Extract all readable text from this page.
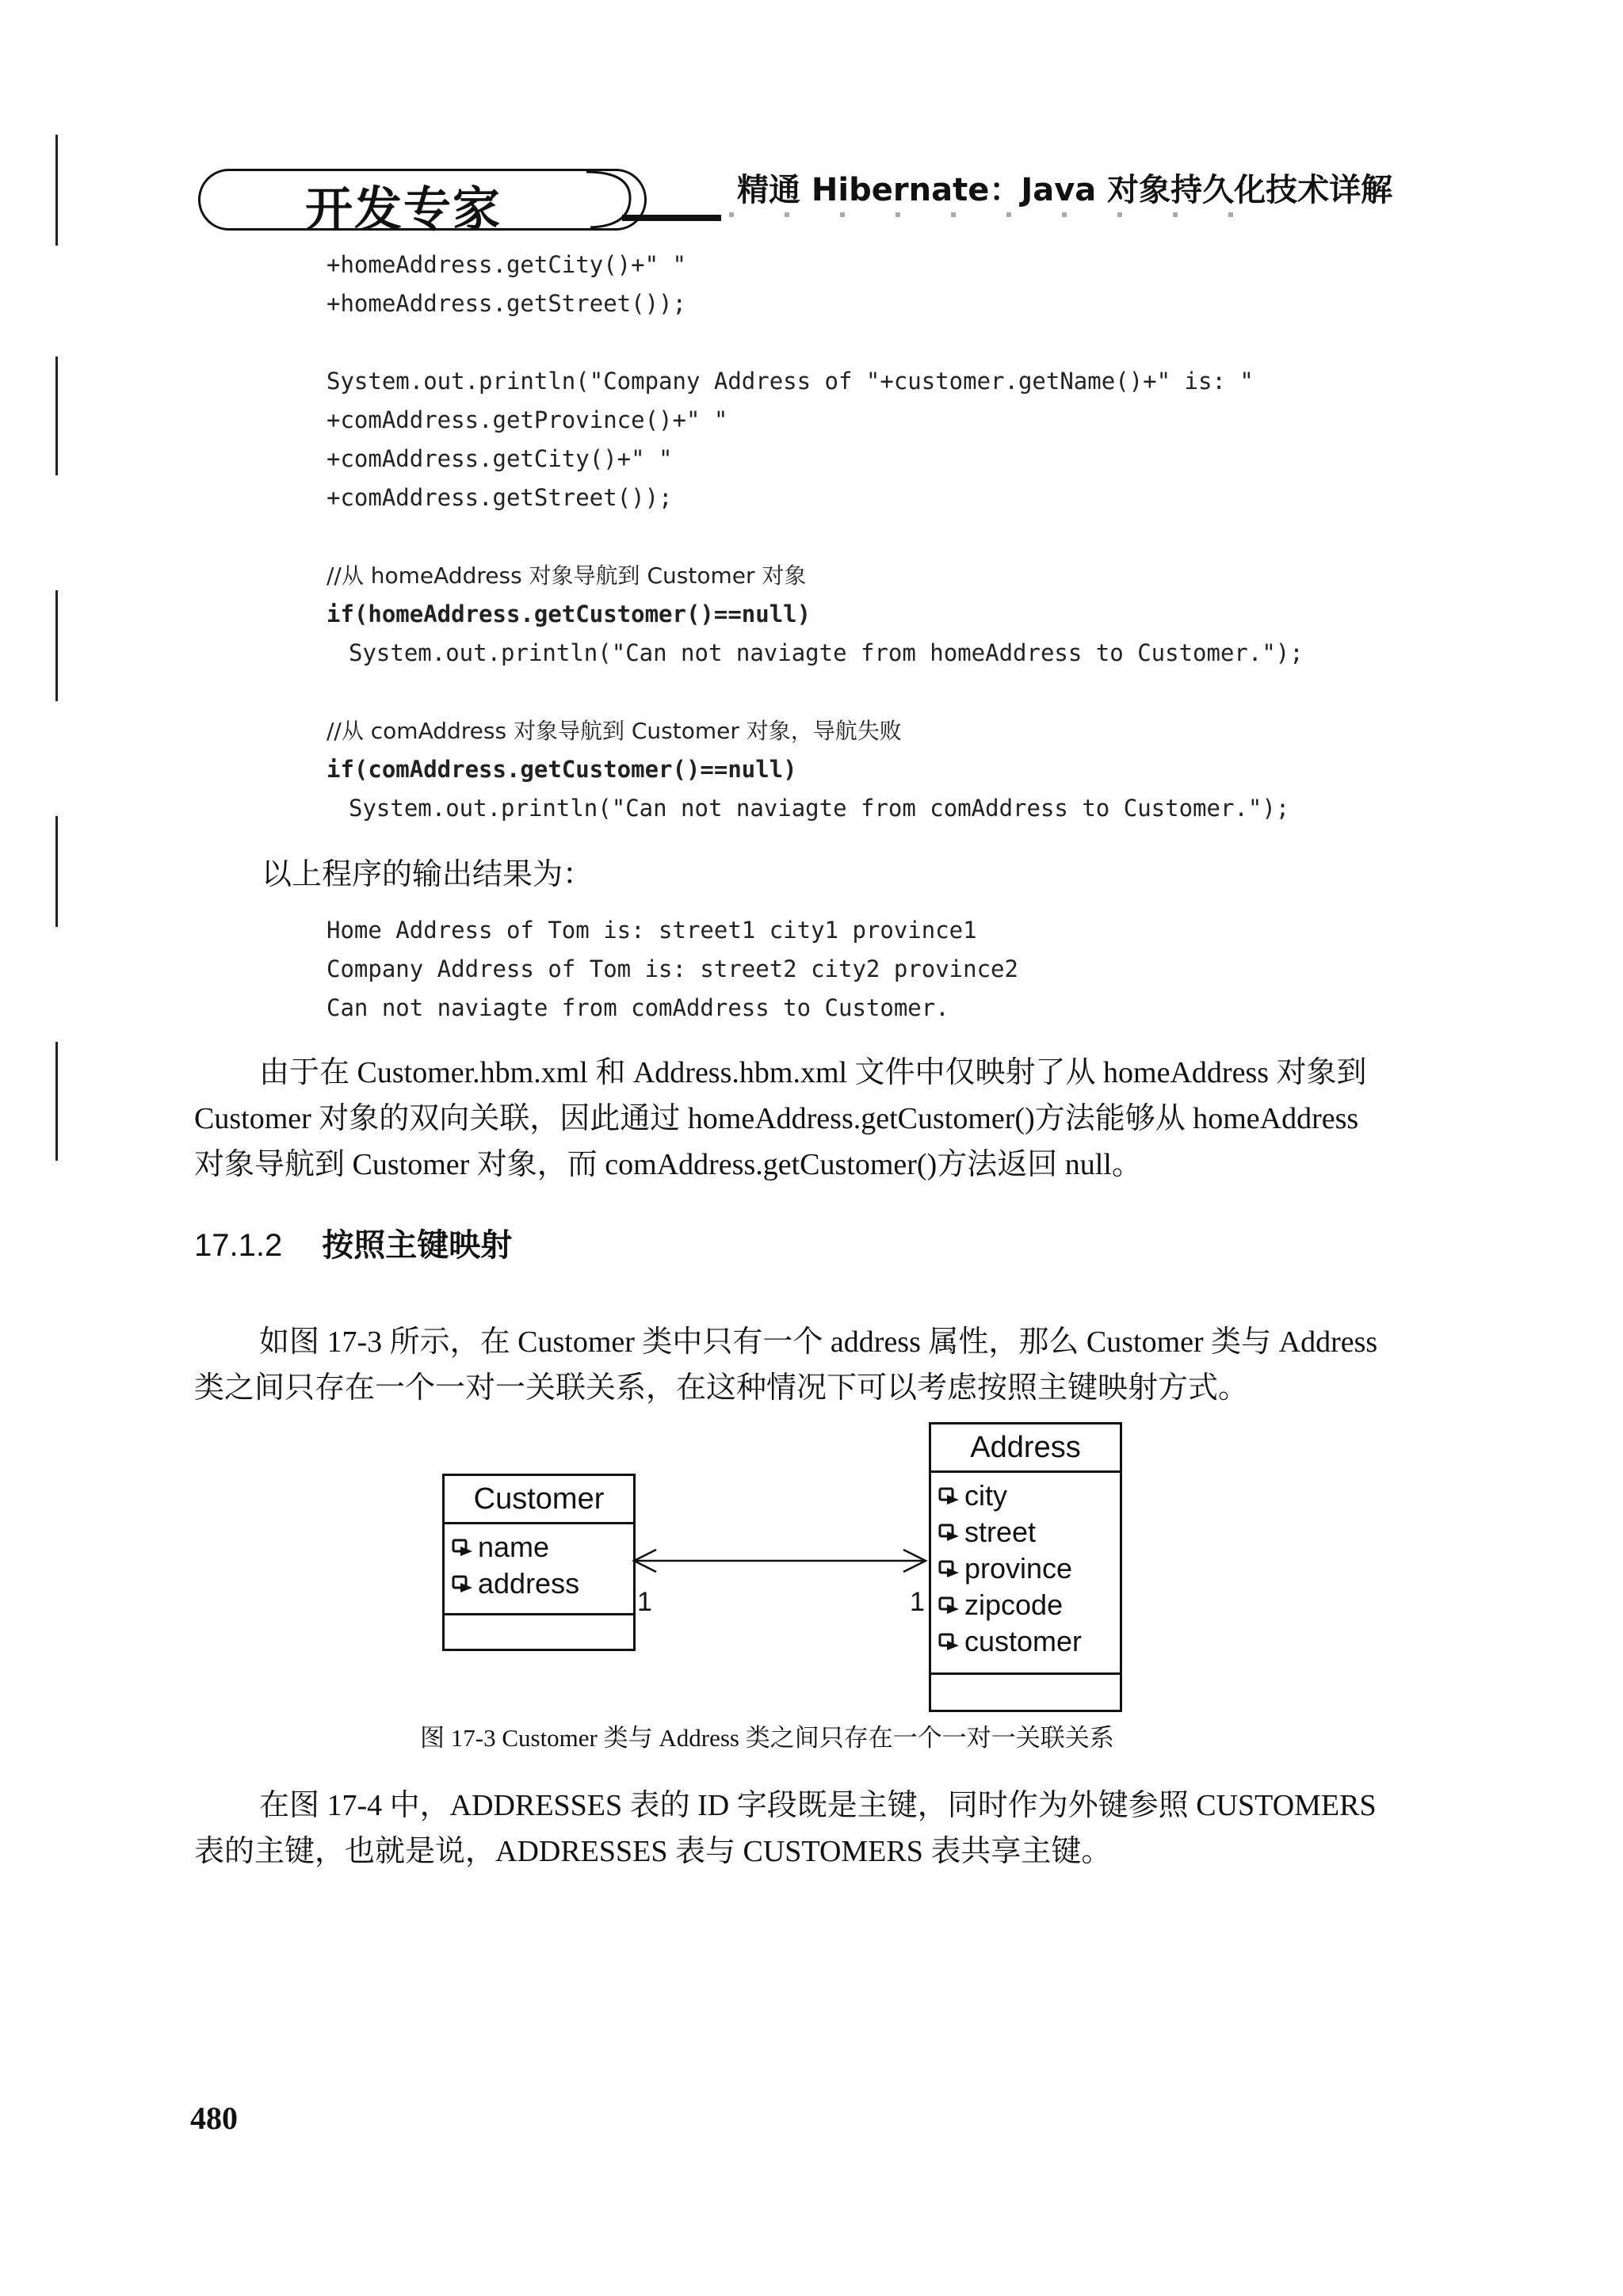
开发专家	精通 Hibernate：Java 对象持久化技术详解
+homeAddress.getCity()+" "
+homeAddress.getStreet());
System.out.println("Company Address of "+customer.getName()+" is: "
+comAddress.getProvince()+" "
+comAddress.getCity()+" "
+comAddress.getStreet());
//从 homeAddress 对象导航到 Customer 对象
if(homeAddress.getCustomer()==null)
System.out.println("Can not naviagte from homeAddress to Customer.");
//从 comAddress 对象导航到 Customer 对象，导航失败
if(comAddress.getCustomer()==null)
System.out.println("Can not naviagte from comAddress to Customer.");
以上程序的输出结果为：
Home Address of Tom is: street1 city1 province1
Company Address of Tom is: street2 city2 province2
Can not naviagte from comAddress to Customer.
由于在 Customer.hbm.xml 和 Address.hbm.xml 文件中仅映射了从 homeAddress 对象到
Customer 对象的双向关联，因此通过 homeAddress.getCustomer()方法能够从 homeAddress
对象导航到 Customer 对象，而 comAddress.getCustomer()方法返回 null。
17.1.2 按照主键映射
如图 17-3 所示，在 Customer 类中只有一个 address 属性，那么 Customer 类与 Address
类之间只存在一个一对一关联关系，在这种情况下可以考虑按照主键映射方式。
Customer
name
address
Address
city
street
province
zipcode
customer
1	1
图 17-3 Customer 类与 Address 类之间只存在一个一对一关联关系
在图 17-4 中，ADDRESSES 表的 ID 字段既是主键，同时作为外键参照 CUSTOMERS
表的主键，也就是说，ADDRESSES 表与 CUSTOMERS 表共享主键。
480
